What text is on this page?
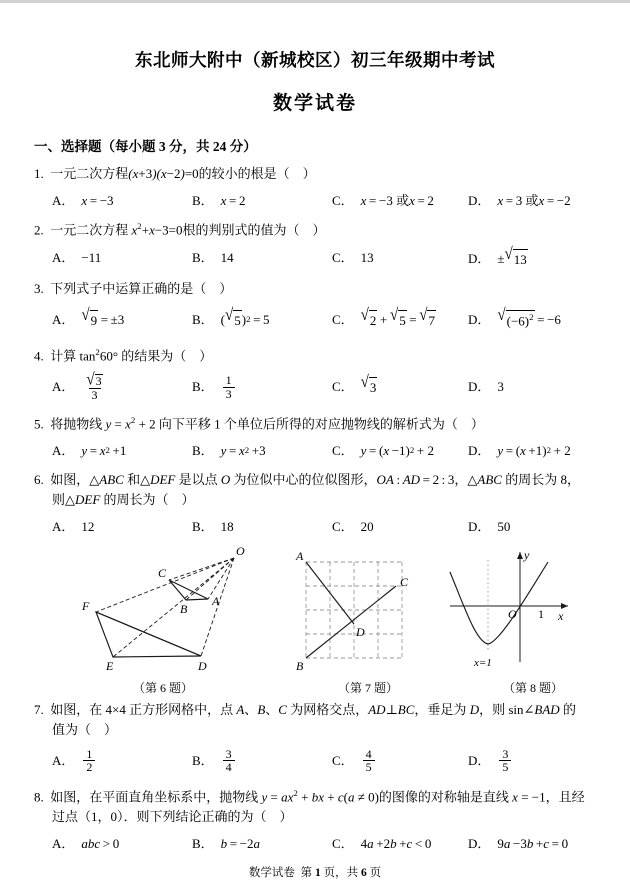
东北师大附中（新城校区）初三年级期中考试
数学试卷
一、选择题（每小题 3 分，共 24 分）
1.  一元二次方程(x+3)(x−2)=0的较小的根是（　）
A． x  = −3	B． x  = 2	C． x  = −3 或 x  = 2	D． x  = 3 或 x  = −2
2.  一元二次方程 $x^2+x-3=0$根的判别式的值为（　）
A． −11	B． 14	C． 13	D． ± √ 13
3.  下列式子中运算正确的是（　）
A． √ 9  = ±3	B． ( √ 5 ) 2  = 5	C． √ 2  +  √ 5  =  √ 7	D． √ $(-6)^2 = -6$
4.  计算 $\tan^260^\circ$ 的结果为（　）
A． $\frac{√ 3}{3}$	B． $\frac{1}{3}$	C． √ 3	D． 3
5.  将抛物线 $y = x^2 + 2$ 向下平移 1 个单位后所得的对应抛物线的解析式为（　）
A． y  =  x 2  +1	B． y  =  x 2  +3	C． y  = ( x  −1) 2  + 2	D． y  = ( x  +1) 2  + 2
6.  如图，△ABC 和△DEF 是以点 O 为位似中心的位似图形，OA : AD = 2 : 3，△ABC 的周长为 8，
则△DEF 的周长为（　）
A． 12	B． 18	C． 20	D． 50
O
C
B
A
F
E	D
（第 6 题）
A
C
D
B
（第 7 题）
y
O 1 x
x=1
（第 8 题）
7.  如图，在 4×4 正方形网格中，点 A、B、C 为网格交点，AD⊥BC，垂足为 D，则 sin∠BAD 的
值为（　）
A． $\frac{1}{2}$	B． $\frac{3}{4}$	C． $\frac{4}{5}$	D． $\frac{3}{5}$
8.  如图，在平面直角坐标系中，抛物线 $y = ax^2$ + bx + c(a ≠ 0)的图像的对称轴是直线 x = −1，且经
过点（1，0）．则下列结论正确的为（　）
A． abc  > 0	B． b  = −2 a	C． 4 a  +2 b  + c  < 0	D． 9 a  −3 b  + c  = 0
数学试卷 第 1 页，共 6 页
